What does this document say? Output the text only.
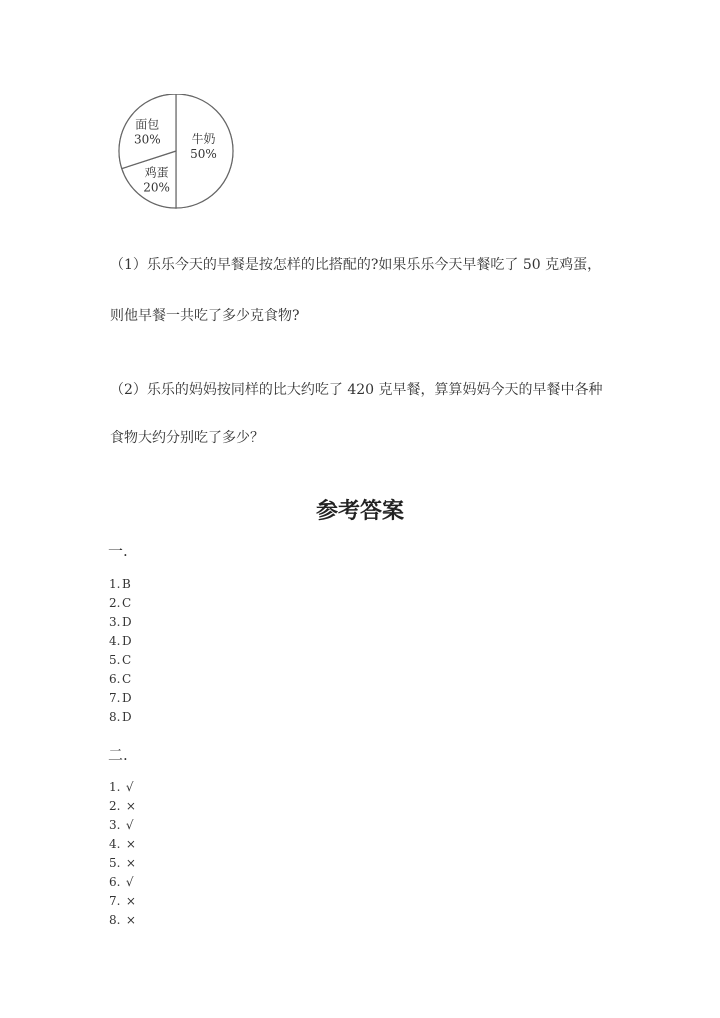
牛奶
50%
鸡蛋
20%
面包
30%

（1）乐乐今天的早餐是按怎样的比搭配的?如果乐乐今天早餐吃了 50 克鸡蛋，

则他早餐一共吃了多少克食物?

（2）乐乐的妈妈按同样的比大约吃了 420 克早餐，算算妈妈今天的早餐中各种

食物大约分别吃了多少？

参考答案

一.

1. B
2. C
3. D
4. D
5. C
6. C
7. D
8. D

二.

1. √
2. ×
3. √
4. ×
5. ×
6. √
7. ×
8. ×
